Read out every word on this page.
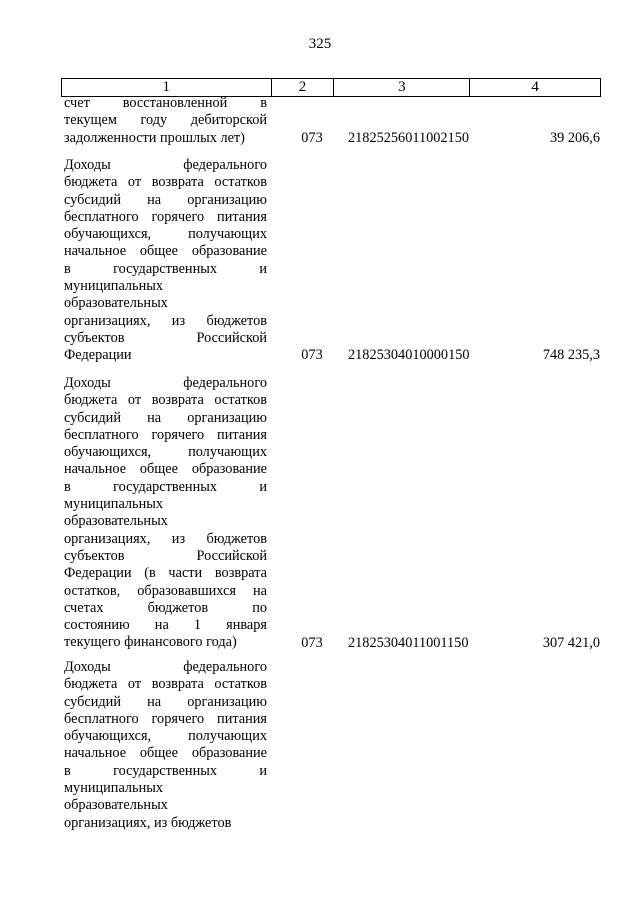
325
1	2	3	4
счет восстановленной в
текущем году дебиторской
задолженности прошлых лет)	073	21825256011002150	39 206,6
Доходы федерального
бюджета от возврата остатков
субсидий на организацию
бесплатного горячего питания
обучающихся, получающих
начальное общее образование
в государственных и
муниципальных
образовательных
организациях, из бюджетов
субъектов Российской
Федерации	073	21825304010000150	748 235,3
Доходы федерального
бюджета от возврата остатков
субсидий на организацию
бесплатного горячего питания
обучающихся, получающих
начальное общее образование
в государственных и
муниципальных
образовательных
организациях, из бюджетов
субъектов Российской
Федерации (в части возврата
остатков, образовавшихся на
счетах бюджетов по
состоянию на 1 января
текущего финансового года)	073	21825304011001150	307 421,0
Доходы федерального
бюджета от возврата остатков
субсидий на организацию
бесплатного горячего питания
обучающихся, получающих
начальное общее образование
в государственных и
муниципальных
образовательных
организациях, из бюджетов
